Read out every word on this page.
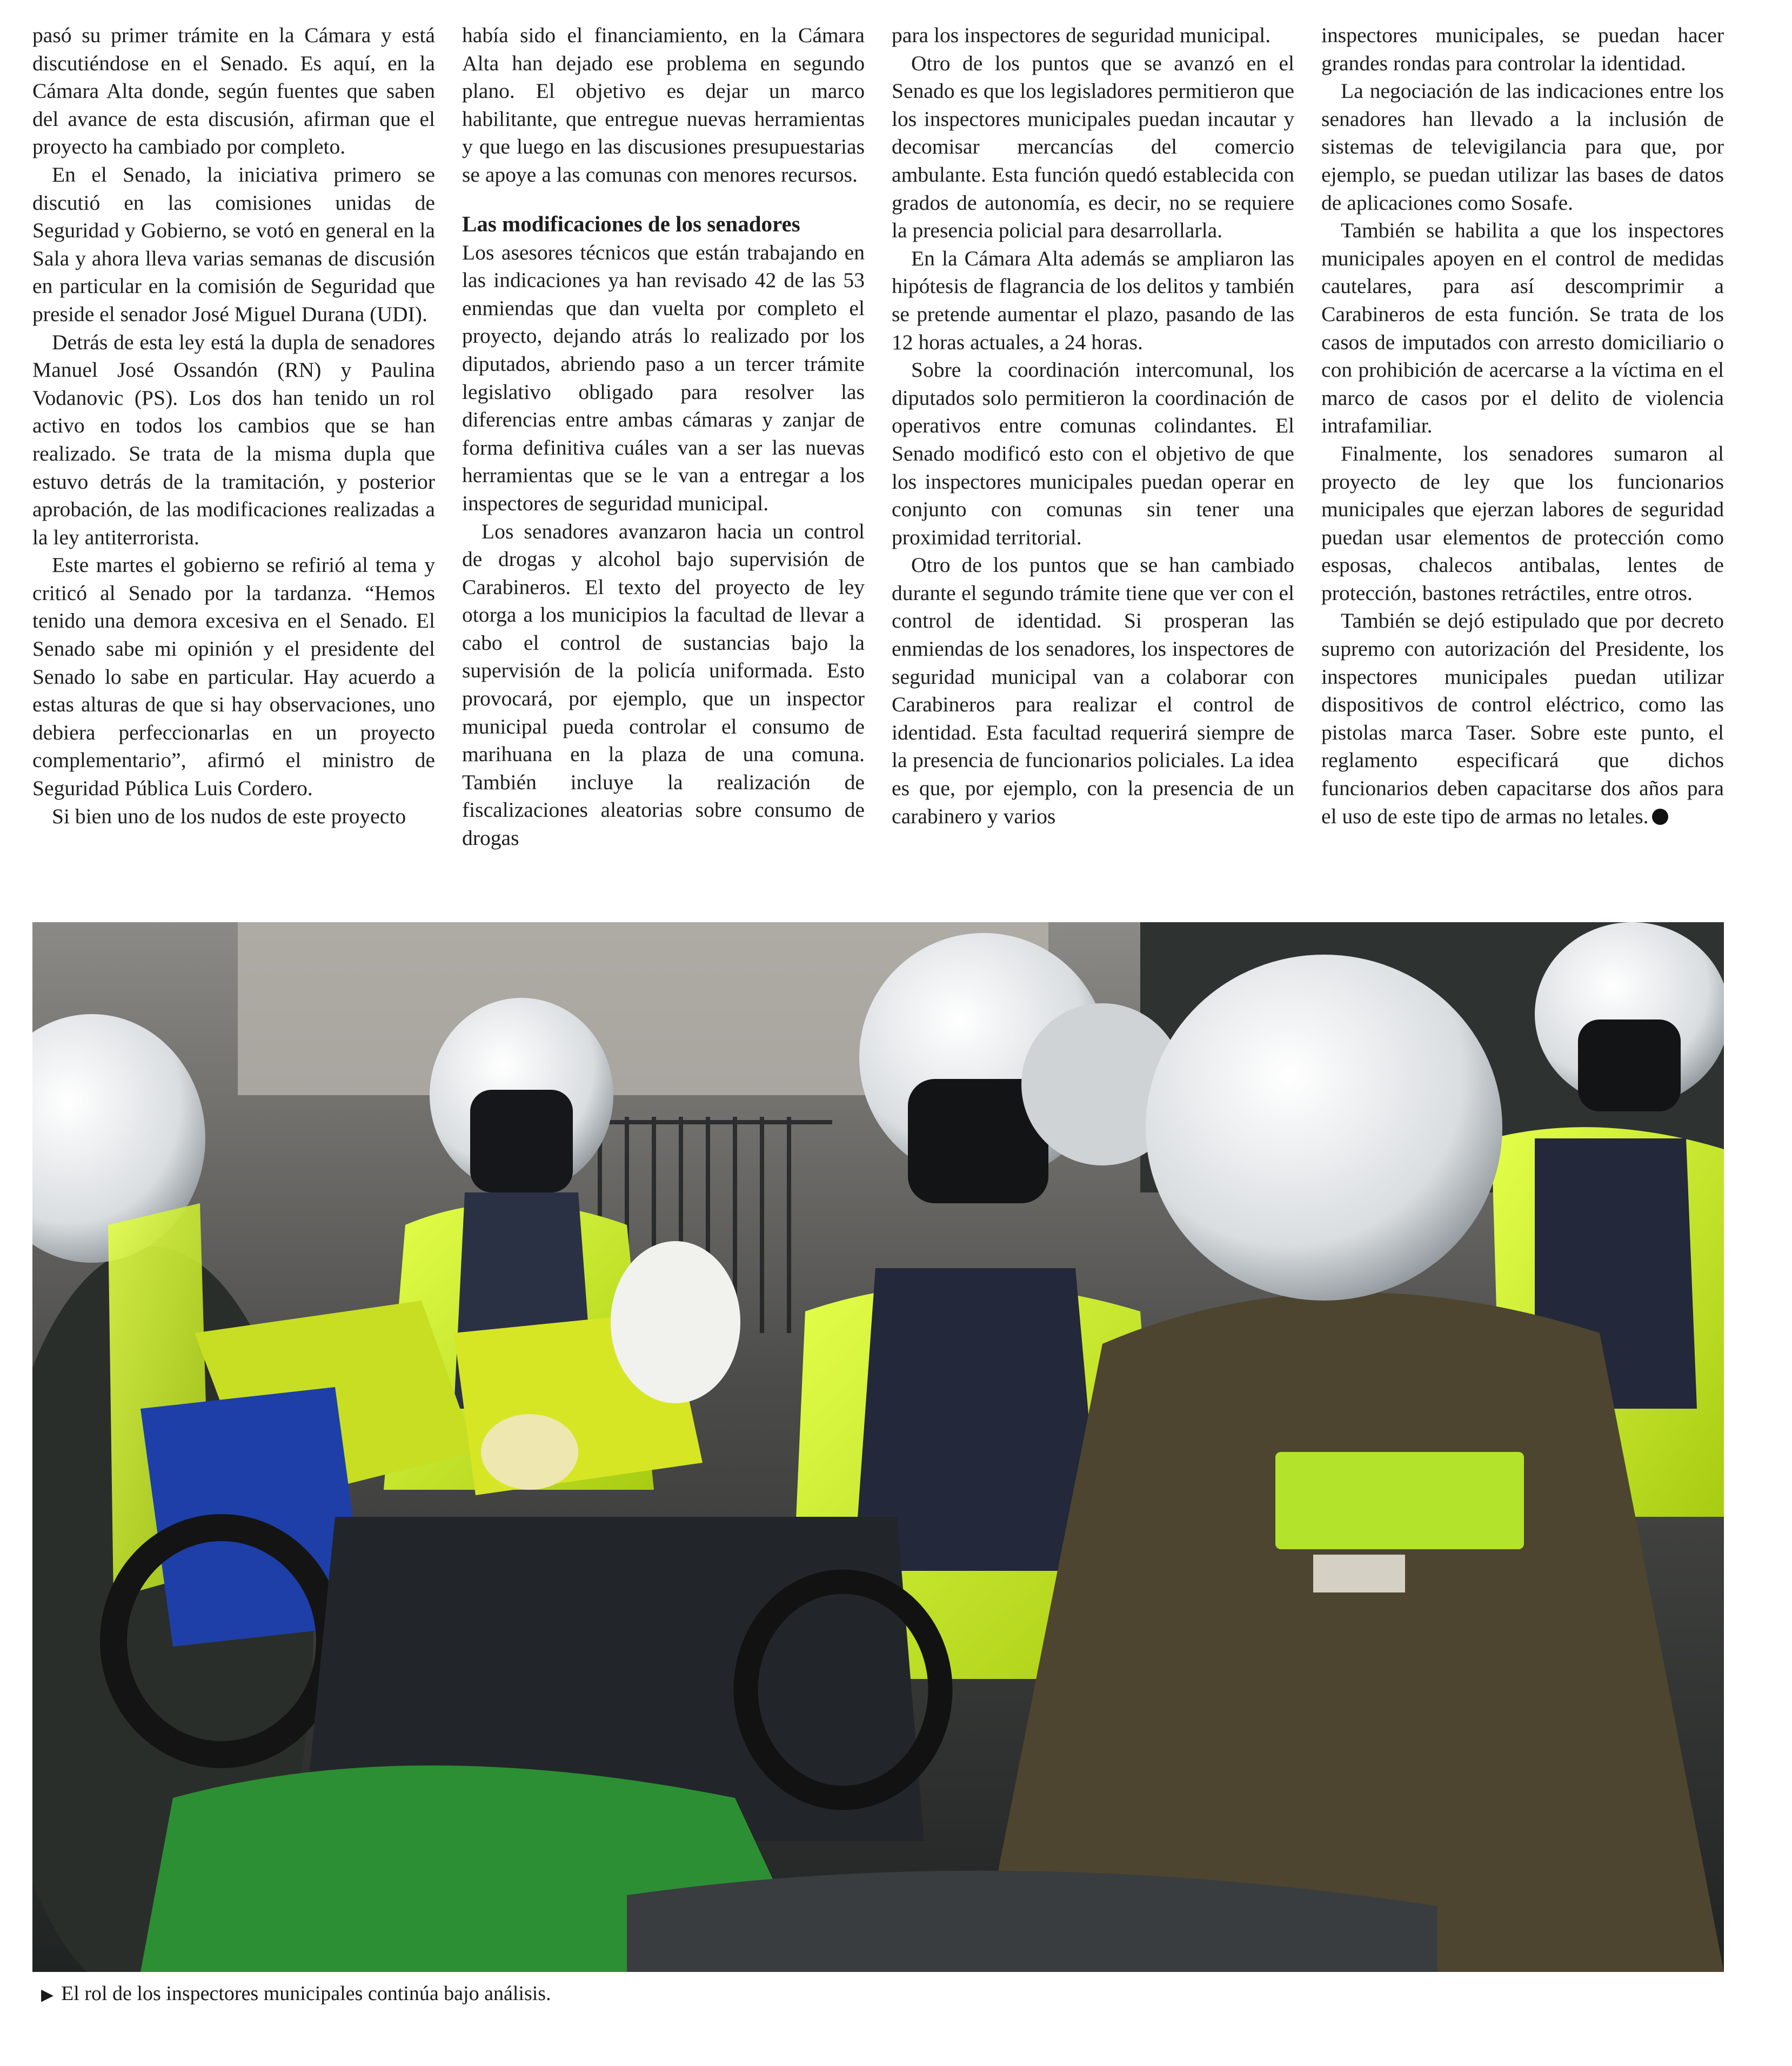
pasó su primer trámite en la Cámara y está discutiéndose en el Senado. Es aquí, en la Cámara Alta donde, según fuentes que saben del avance de esta discusión, afirman que el proyecto ha cambiado por completo.

En el Senado, la iniciativa primero se discutió en las comisiones unidas de Seguridad y Gobierno, se votó en general en la Sala y ahora lleva varias semanas de discusión en particular en la comisión de Seguridad que preside el senador José Miguel Durana (UDI).

Detrás de esta ley está la dupla de senadores Manuel José Ossandón (RN) y Paulina Vodanovic (PS). Los dos han tenido un rol activo en todos los cambios que se han realizado. Se trata de la misma dupla que estuvo detrás de la tramitación, y posterior aprobación, de las modificaciones realizadas a la ley antiterrorista.

Este martes el gobierno se refirió al tema y criticó al Senado por la tardanza. “Hemos tenido una demora excesiva en el Senado. El Senado sabe mi opinión y el presidente del Senado lo sabe en particular. Hay acuerdo a estas alturas de que si hay observaciones, uno debiera perfeccionarlas en un proyecto complementario”, afirmó el ministro de Seguridad Pública Luis Cordero.

Si bien uno de los nudos de este proyecto

había sido el financiamiento, en la Cámara Alta han dejado ese problema en segundo plano. El objetivo es dejar un marco habilitante, que entregue nuevas herramientas y que luego en las discusiones presupuestarias se apoye a las comunas con menores recursos.

Las modificaciones de los senadores

Los asesores técnicos que están trabajando en las indicaciones ya han revisado 42 de las 53 enmiendas que dan vuelta por completo el proyecto, dejando atrás lo realizado por los diputados, abriendo paso a un tercer trámite legislativo obligado para resolver las diferencias entre ambas cámaras y zanjar de forma definitiva cuáles van a ser las nuevas herramientas que se le van a entregar a los inspectores de seguridad municipal.

Los senadores avanzaron hacia un control de drogas y alcohol bajo supervisión de Carabineros. El texto del proyecto de ley otorga a los municipios la facultad de llevar a cabo el control de sustancias bajo la supervisión de la policía uniformada. Esto provocará, por ejemplo, que un inspector municipal pueda controlar el consumo de marihuana en la plaza de una comuna. También incluye la realización de fiscalizaciones aleatorias sobre consumo de drogas

para los inspectores de seguridad municipal.

Otro de los puntos que se avanzó en el Senado es que los legisladores permitieron que los inspectores municipales puedan incautar y decomisar mercancías del comercio ambulante. Esta función quedó establecida con grados de autonomía, es decir, no se requiere la presencia policial para desarrollarla.

En la Cámara Alta además se ampliaron las hipótesis de flagrancia de los delitos y también se pretende aumentar el plazo, pasando de las 12 horas actuales, a 24 horas.

Sobre la coordinación intercomunal, los diputados solo permitieron la coordinación de operativos entre comunas colindantes. El Senado modificó esto con el objetivo de que los inspectores municipales puedan operar en conjunto con comunas sin tener una proximidad territorial.

Otro de los puntos que se han cambiado durante el segundo trámite tiene que ver con el control de identidad. Si prosperan las enmiendas de los senadores, los inspectores de seguridad municipal van a colaborar con Carabineros para realizar el control de identidad. Esta facultad requerirá siempre de la presencia de funcionarios policiales. La idea es que, por ejemplo, con la presencia de un carabinero y varios

inspectores municipales, se puedan hacer grandes rondas para controlar la identidad.

La negociación de las indicaciones entre los senadores han llevado a la inclusión de sistemas de televigilancia para que, por ejemplo, se puedan utilizar las bases de datos de aplicaciones como Sosafe.

También se habilita a que los inspectores municipales apoyen en el control de medidas cautelares, para así descomprimir a Carabineros de esta función. Se trata de los casos de imputados con arresto domiciliario o con prohibición de acercarse a la víctima en el marco de casos por el delito de violencia intrafamiliar.

Finalmente, los senadores sumaron al proyecto de ley que los funcionarios municipales que ejerzan labores de seguridad puedan usar elementos de protección como esposas, chalecos antibalas, lentes de protección, bastones retráctiles, entre otros.

También se dejó estipulado que por decreto supremo con autorización del Presidente, los inspectores municipales puedan utilizar dispositivos de control eléctrico, como las pistolas marca Taser. Sobre este punto, el reglamento especificará que dichos funcionarios deben capacitarse dos años para el uso de este tipo de armas no letales.

▶ El rol de los inspectores municipales continúa bajo análisis.
